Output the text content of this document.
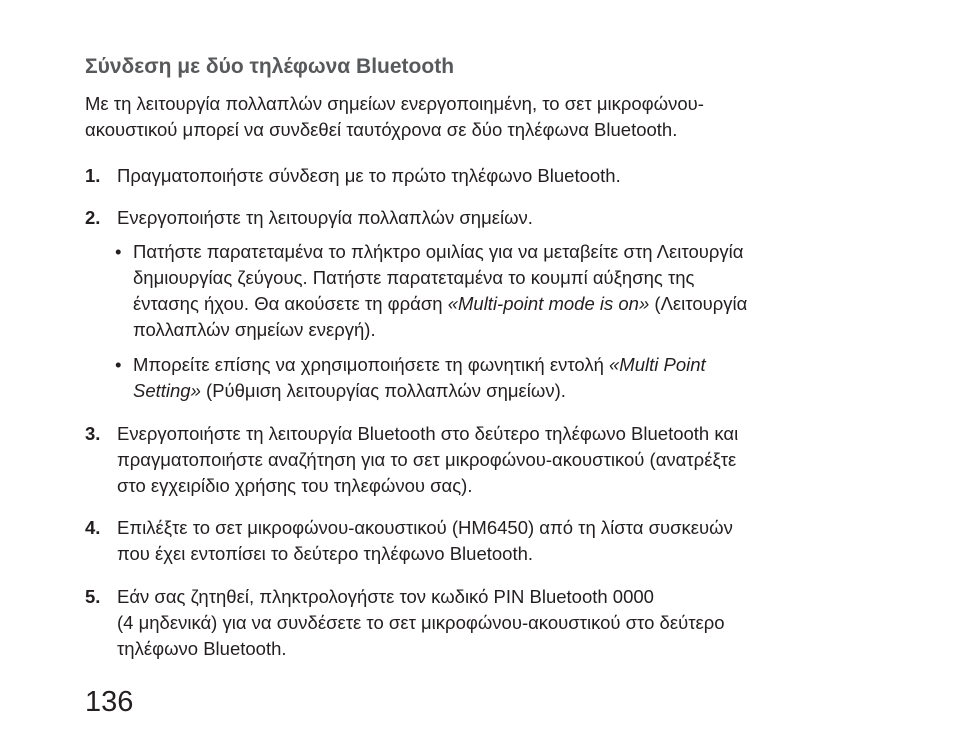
Σύνδεση με δύο τηλέφωνα Bluetooth

Με τη λειτουργία πολλαπλών σημείων ενεργοποιημένη, το σετ μικροφώνου-
ακουστικού μπορεί να συνδεθεί ταυτόχρονα σε δύο τηλέφωνα Bluetooth.

1. Πραγματοποιήστε σύνδεση με το πρώτο τηλέφωνο Bluetooth.
2. Ενεργοποιήστε τη λειτουργία πολλαπλών σημείων.
• Πατήστε παρατεταμένα το πλήκτρο ομιλίας για να μεταβείτε στη Λειτουργία
δημιουργίας ζεύγους. Πατήστε παρατεταμένα το κουμπί αύξησης της
έντασης ήχου. Θα ακούσετε τη φράση «Multi-point mode is on» (Λειτουργία
πολλαπλών σημείων ενεργή).
• Μπορείτε επίσης να χρησιμοποιήσετε τη φωνητική εντολή «Multi Point
Setting» (Ρύθμιση λειτουργίας πολλαπλών σημείων).
3. Ενεργοποιήστε τη λειτουργία Bluetooth στο δεύτερο τηλέφωνο Bluetooth και
πραγματοποιήστε αναζήτηση για το σετ μικροφώνου-ακουστικού (ανατρέξτε
στο εγχειρίδιο χρήσης του τηλεφώνου σας).
4. Επιλέξτε το σετ μικροφώνου-ακουστικού (HM6450) από τη λίστα συσκευών
που έχει εντοπίσει το δεύτερο τηλέφωνο Bluetooth.
5. Εάν σας ζητηθεί, πληκτρολογήστε τον κωδικό PIN Bluetooth 0000
(4 μηδενικά) για να συνδέσετε το σετ μικροφώνου-ακουστικού στο δεύτερο
τηλέφωνο Bluetooth.
136
